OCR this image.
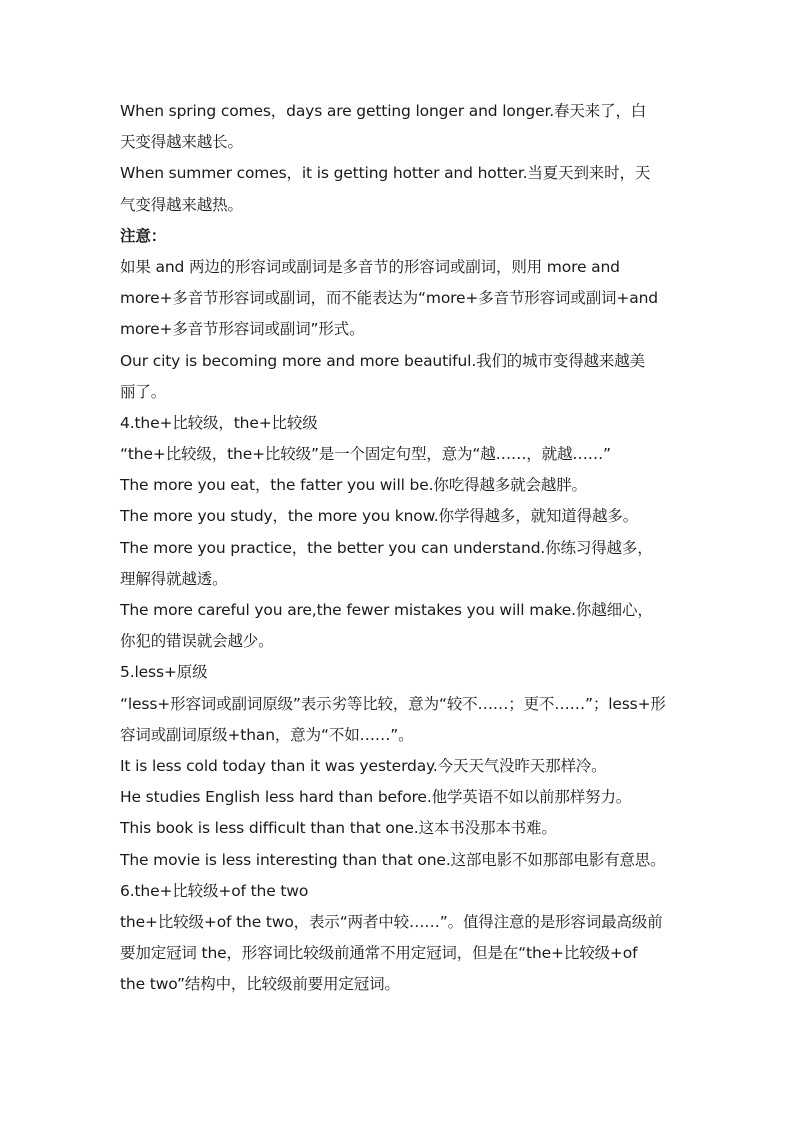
When spring comes，days are getting longer and longer.春天来了，白
天变得越来越长。
When summer comes，it is getting hotter and hotter.当夏天到来时，天
气变得越来越热。
注意：
如果 and 两边的形容词或副词是多音节的形容词或副词，则用 more and
more+多音节形容词或副词，而不能表达为“more+多音节形容词或副词+and
more+多音节形容词或副词”形式。
Our city is becoming more and more beautiful.我们的城市变得越来越美
丽了。
4.the+比较级，the+比较级
“the+比较级，the+比较级”是一个固定句型，意为“越……，就越……”
The more you eat，the fatter you will be.你吃得越多就会越胖。
The more you study，the more you know.你学得越多，就知道得越多。
The more you practice，the better you can understand.你练习得越多，
理解得就越透。
The more careful you are,the fewer mistakes you will make.你越细心，
你犯的错误就会越少。
5.less+原级
“less+形容词或副词原级”表示劣等比较，意为“较不……；更不……”；less+形
容词或副词原级+than，意为“不如……”。
It is less cold today than it was yesterday.今天天气没昨天那样冷。
He studies English less hard than before.他学英语不如以前那样努力。
This book is less difficult than that one.这本书没那本书难。
The movie is less interesting than that one.这部电影不如那部电影有意思。
6.the+比较级+of the two
the+比较级+of the two，表示“两者中较……”。值得注意的是形容词最高级前
要加定冠词 the，形容词比较级前通常不用定冠词，但是在“the+比较级+of
the two”结构中，比较级前要用定冠词。
